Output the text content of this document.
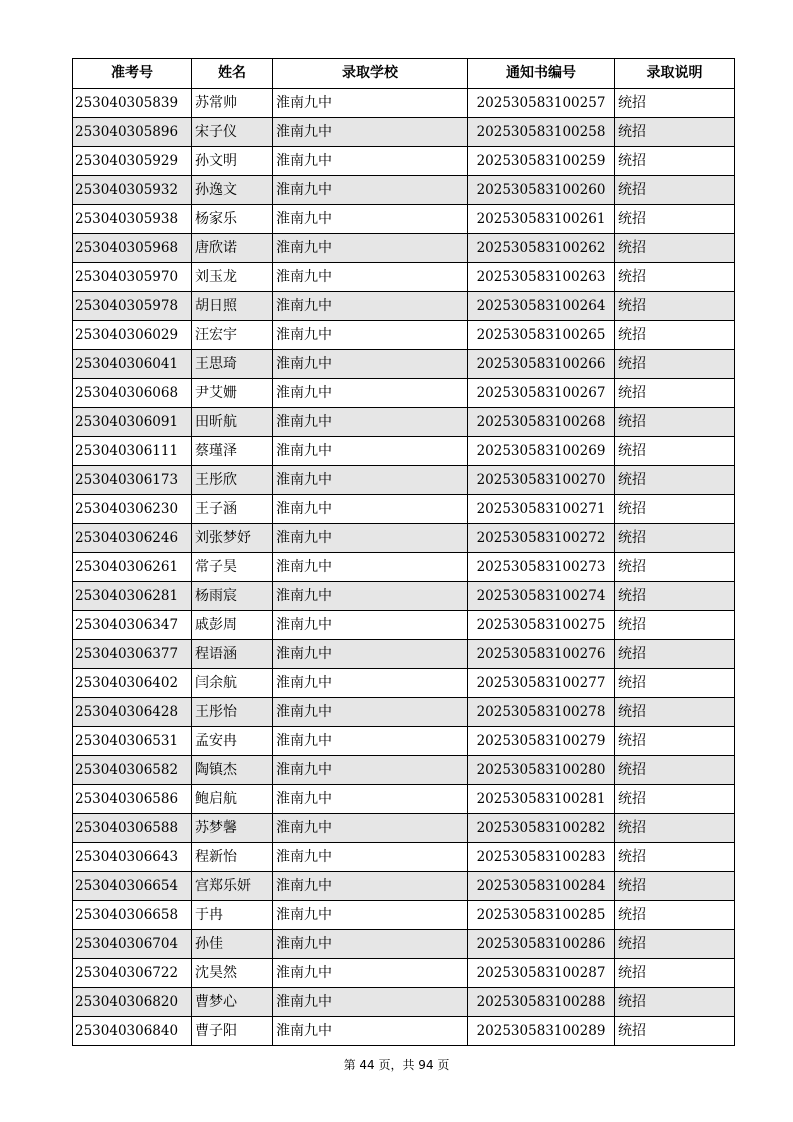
准考号	姓名	录取学校	通知书编号	录取说明
253040305839	苏常帅	淮南九中	202530583100257	统招
253040305896	宋子仪	淮南九中	202530583100258	统招
253040305929	孙文明	淮南九中	202530583100259	统招
253040305932	孙逸文	淮南九中	202530583100260	统招
253040305938	杨家乐	淮南九中	202530583100261	统招
253040305968	唐欣诺	淮南九中	202530583100262	统招
253040305970	刘玉龙	淮南九中	202530583100263	统招
253040305978	胡日照	淮南九中	202530583100264	统招
253040306029	汪宏宇	淮南九中	202530583100265	统招
253040306041	王思琦	淮南九中	202530583100266	统招
253040306068	尹艾姗	淮南九中	202530583100267	统招
253040306091	田昕航	淮南九中	202530583100268	统招
253040306111	蔡瑾泽	淮南九中	202530583100269	统招
253040306173	王彤欣	淮南九中	202530583100270	统招
253040306230	王子涵	淮南九中	202530583100271	统招
253040306246	刘张梦妤	淮南九中	202530583100272	统招
253040306261	常子昊	淮南九中	202530583100273	统招
253040306281	杨雨宸	淮南九中	202530583100274	统招
253040306347	戚彭周	淮南九中	202530583100275	统招
253040306377	程语涵	淮南九中	202530583100276	统招
253040306402	闫余航	淮南九中	202530583100277	统招
253040306428	王彤怡	淮南九中	202530583100278	统招
253040306531	孟安冉	淮南九中	202530583100279	统招
253040306582	陶镇杰	淮南九中	202530583100280	统招
253040306586	鲍启航	淮南九中	202530583100281	统招
253040306588	苏梦馨	淮南九中	202530583100282	统招
253040306643	程新怡	淮南九中	202530583100283	统招
253040306654	宫郑乐妍	淮南九中	202530583100284	统招
253040306658	于冉	淮南九中	202530583100285	统招
253040306704	孙佳	淮南九中	202530583100286	统招
253040306722	沈昊然	淮南九中	202530583100287	统招
253040306820	曹梦心	淮南九中	202530583100288	统招
253040306840	曹子阳	淮南九中	202530583100289	统招
第 44 页，共 94 页
